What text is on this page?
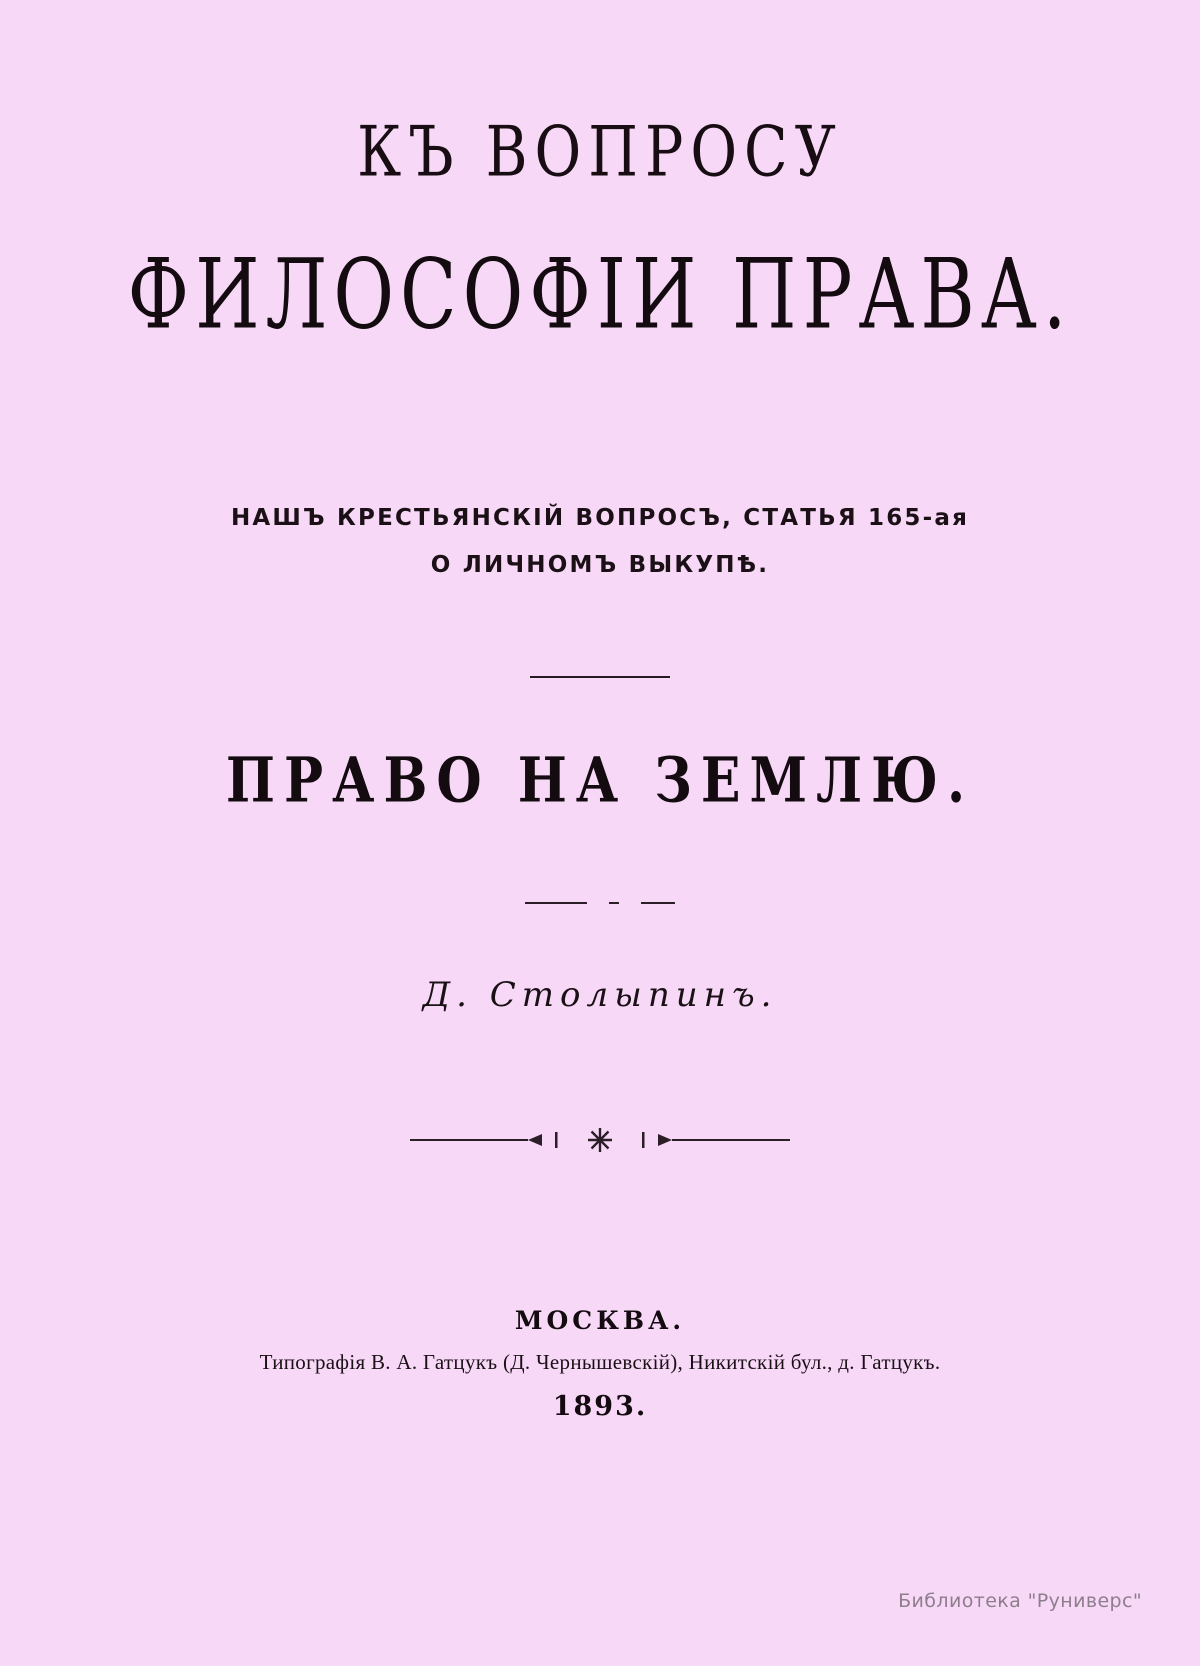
КЪ ВОПРОСУ
ФИЛОСОФIИ ПРАВА.
НАШЪ КРЕСТЬЯНСКIЙ ВОПРОСЪ, СТАТЬЯ 165-ая
О ЛИЧНОМЪ ВЫКУПѢ.
ПРАВО НА ЗЕМЛЮ.
Д. Столыпинъ.
МОСКВА.
Типографія В. А. Гатцукъ (Д. Чернышевскій), Никитскій бул., д. Гатцукъ.
1893.
Библиотека "Руниверс"
